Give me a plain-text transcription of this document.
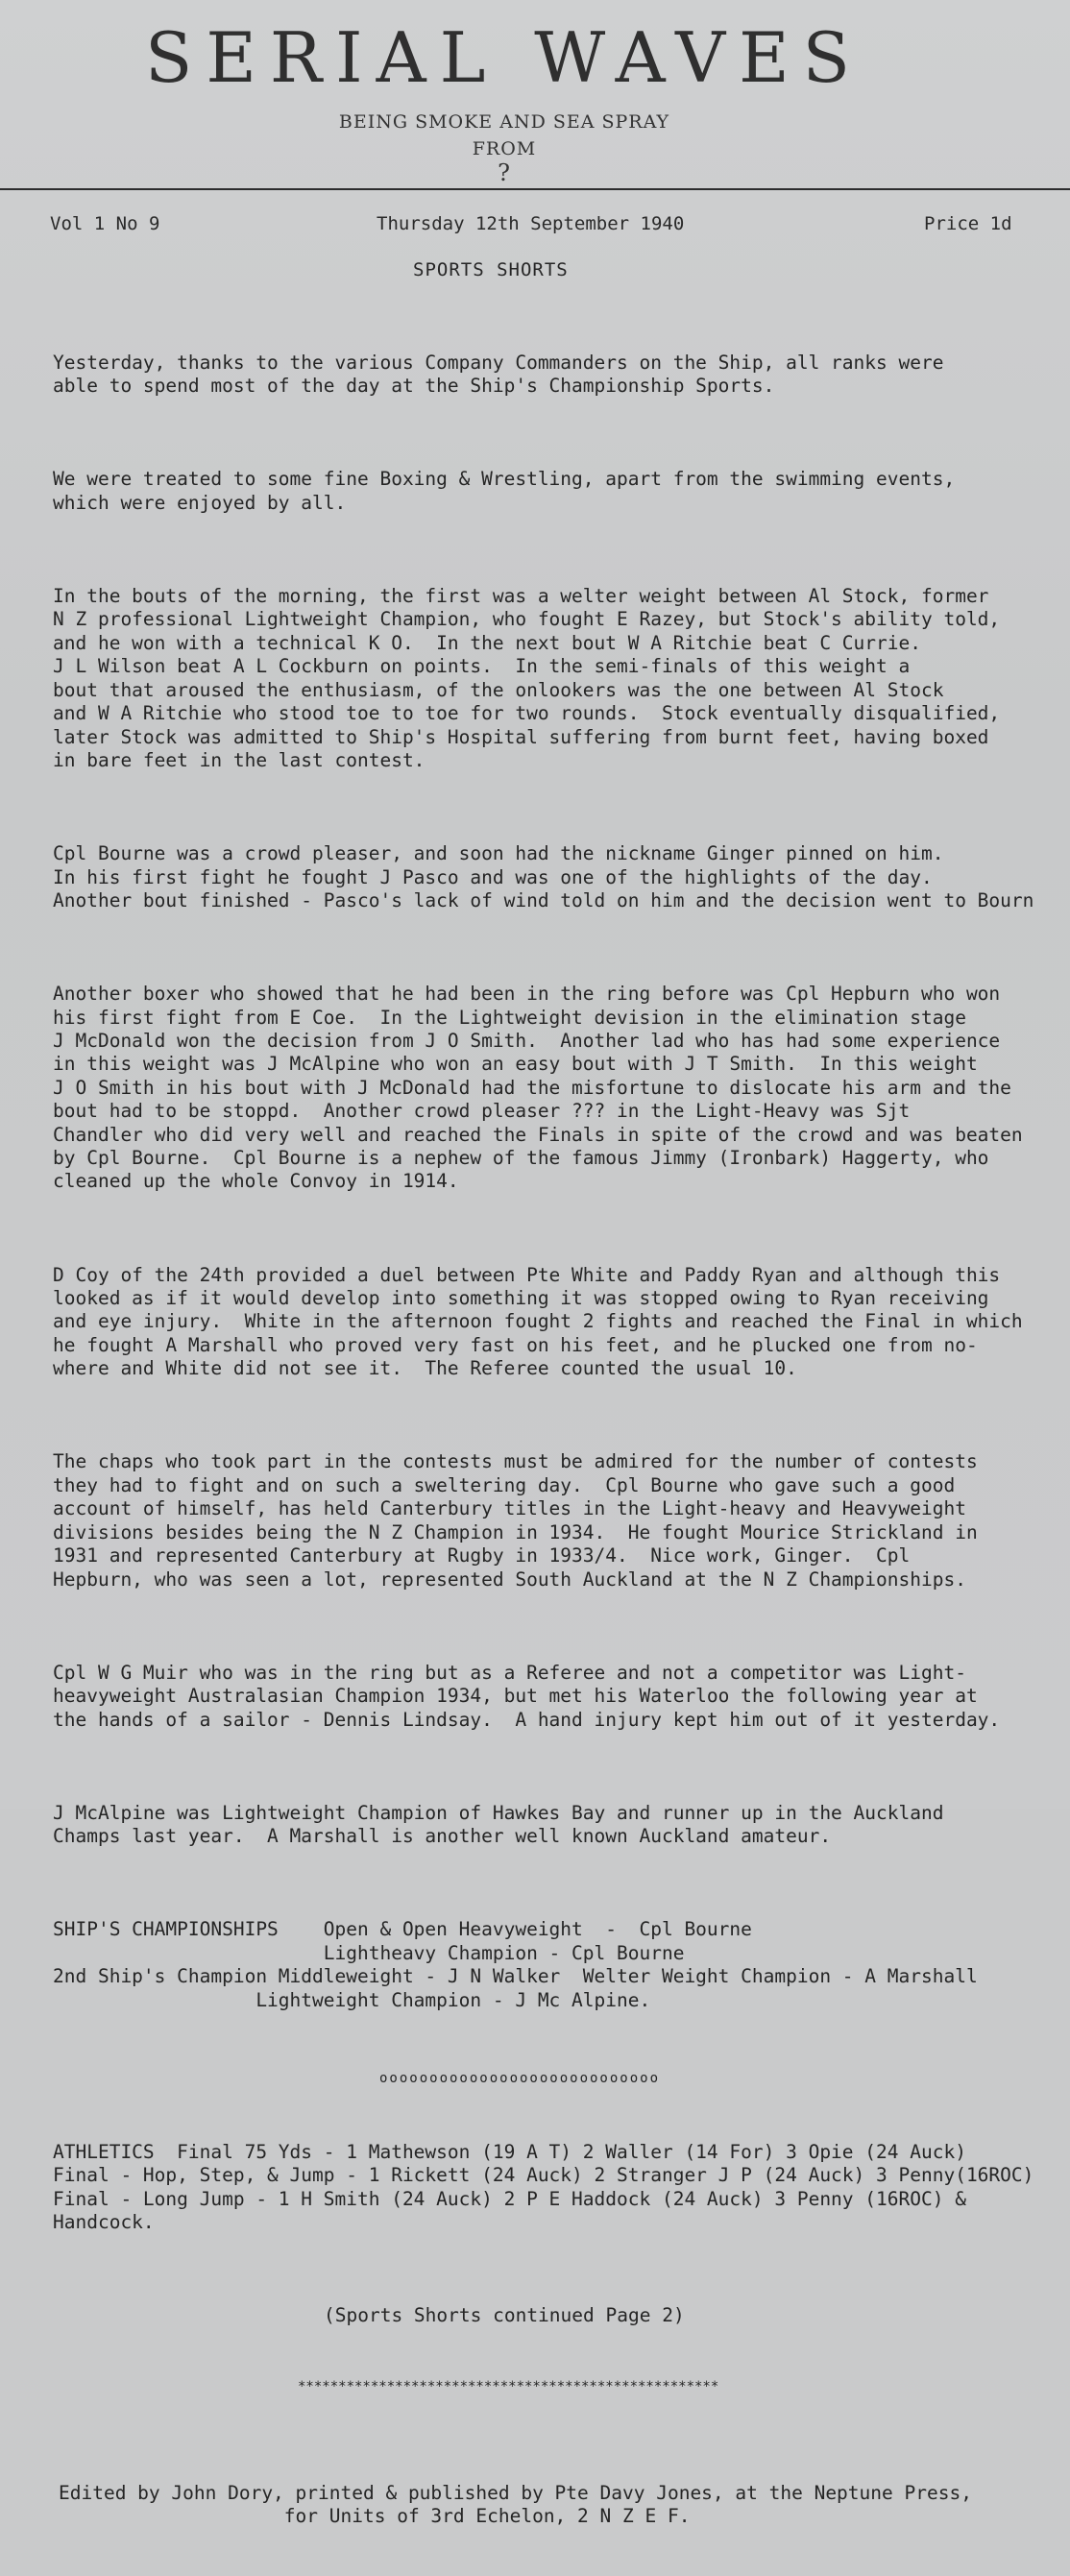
SERIAL WAVES
BEING SMOKE AND SEA SPRAY
FROM
?
Vol 1 No 9	Thursday 12th September 1940	Price 1d
SPORTS SHORTS

Yesterday, thanks to the various Company Commanders on the Ship, all ranks were
able to spend most of the day at the Ship's Championship Sports.

We were treated to some fine Boxing & Wrestling, apart from the swimming events,
which were enjoyed by all.

In the bouts of the morning, the first was a welter weight between Al Stock, former
N Z professional Lightweight Champion, who fought E Razey, but Stock's ability told,
and he won with a technical K O.  In the next bout W A Ritchie beat C Currie.
J L Wilson beat A L Cockburn on points.  In the semi-finals of this weight a
bout that aroused the enthusiasm, of the onlookers was the one between Al Stock
and W A Ritchie who stood toe to toe for two rounds.  Stock eventually disqualified,
later Stock was admitted to Ship's Hospital suffering from burnt feet, having boxed
in bare feet in the last contest.

Cpl Bourne was a crowd pleaser, and soon had the nickname Ginger pinned on him.
In his first fight he fought J Pasco and was one of the highlights of the day.
Another bout finished - Pasco's lack of wind told on him and the decision went to Bourn

Another boxer who showed that he had been in the ring before was Cpl Hepburn who won
his first fight from E Coe.  In the Lightweight devision in the elimination stage
J McDonald won the decision from J O Smith.  Another lad who has had some experience
in this weight was J McAlpine who won an easy bout with J T Smith.  In this weight
J O Smith in his bout with J McDonald had the misfortune to dislocate his arm and the
bout had to be stoppd.  Another crowd pleaser ??? in the Light-Heavy was Sjt
Chandler who did very well and reached the Finals in spite of the crowd and was beaten
by Cpl Bourne.  Cpl Bourne is a nephew of the famous Jimmy (Ironbark) Haggerty, who
cleaned up the whole Convoy in 1914.

D Coy of the 24th provided a duel between Pte White and Paddy Ryan and although this
looked as if it would develop into something it was stopped owing to Ryan receiving
and eye injury.  White in the afternoon fought 2 fights and reached the Final in which
he fought A Marshall who proved very fast on his feet, and he plucked one from no-
where and White did not see it.  The Referee counted the usual 10.

The chaps who took part in the contests must be admired for the number of contests
they had to fight and on such a sweltering day.  Cpl Bourne who gave such a good
account of himself, has held Canterbury titles in the Light-heavy and Heavyweight
divisions besides being the N Z Champion in 1934.  He fought Mourice Strickland in
1931 and represented Canterbury at Rugby in 1933/4.  Nice work, Ginger.  Cpl
Hepburn, who was seen a lot, represented South Auckland at the N Z Championships.

Cpl W G Muir who was in the ring but as a Referee and not a competitor was Light-
heavyweight Australasian Champion 1934, but met his Waterloo the following year at
the hands of a sailor - Dennis Lindsay.  A hand injury kept him out of it yesterday.

J McAlpine was Lightweight Champion of Hawkes Bay and runner up in the Auckland
Champs last year.  A Marshall is another well known Auckland amateur.

SHIP'S CHAMPIONSHIPS    Open & Open Heavyweight  -  Cpl Bourne
Lightheavy Champion - Cpl Bourne
2nd Ship's Champion Middleweight - J N Walker  Welter Weight Champion - A Marshall
Lightweight Champion - J Mc Alpine.

oooooooooooooooooooooooooooo

ATHLETICS  Final 75 Yds - 1 Mathewson (19 A T) 2 Waller (14 For) 3 Opie (24 Auck)
Final - Hop, Step, & Jump - 1 Rickett (24 Auck) 2 Stranger J P (24 Auck) 3 Penny(16ROC)
Final - Long Jump - 1 H Smith (24 Auck) 2 P E Haddock (24 Auck) 3 Penny (16ROC) &
Handcock.

(Sports Shorts continued Page 2)

****************************************************

Edited by John Dory, printed & published by Pte Davy Jones, at the Neptune Press,
for Units of 3rd Echelon, 2 N Z E F.
